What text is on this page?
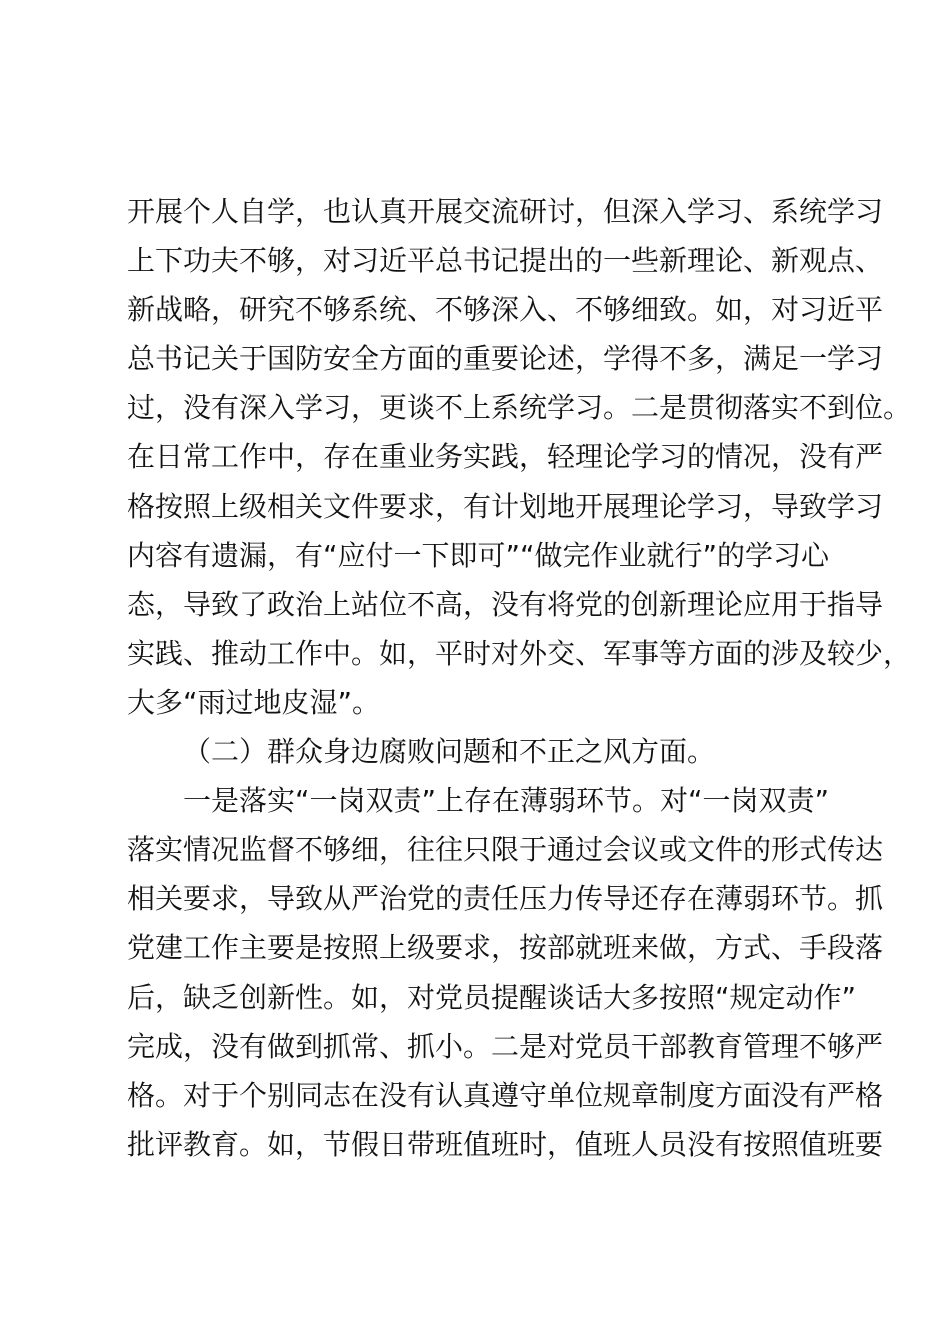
开展个人自学，也认真开展交流研讨，但深入学习、系统学习
上下功夫不够，对习近平总书记提出的一些新理论、新观点、
新战略，研究不够系统、不够深入、不够细致。如，对习近平
总书记关于国防安全方面的重要论述，学得不多，满足一学习
过，没有深入学习，更谈不上系统学习。二是贯彻落实不到位。
在日常工作中，存在重业务实践，轻理论学习的情况，没有严
格按照上级相关文件要求，有计划地开展理论学习，导致学习
内容有遗漏，有“应付一下即可”“做完作业就行”的学习心
态，导致了政治上站位不高，没有将党的创新理论应用于指导
实践、推动工作中。如，平时对外交、军事等方面的涉及较少，
大多“雨过地皮湿”。
（二）群众身边腐败问题和不正之风方面。
一是落实“一岗双责”上存在薄弱环节。对“一岗双责”
落实情况监督不够细，往往只限于通过会议或文件的形式传达
相关要求，导致从严治党的责任压力传导还存在薄弱环节。抓
党建工作主要是按照上级要求，按部就班来做，方式、手段落
后，缺乏创新性。如，对党员提醒谈话大多按照“规定动作”
完成，没有做到抓常、抓小。二是对党员干部教育管理不够严
格。对于个别同志在没有认真遵守单位规章制度方面没有严格
批评教育。如，节假日带班值班时，值班人员没有按照值班要
